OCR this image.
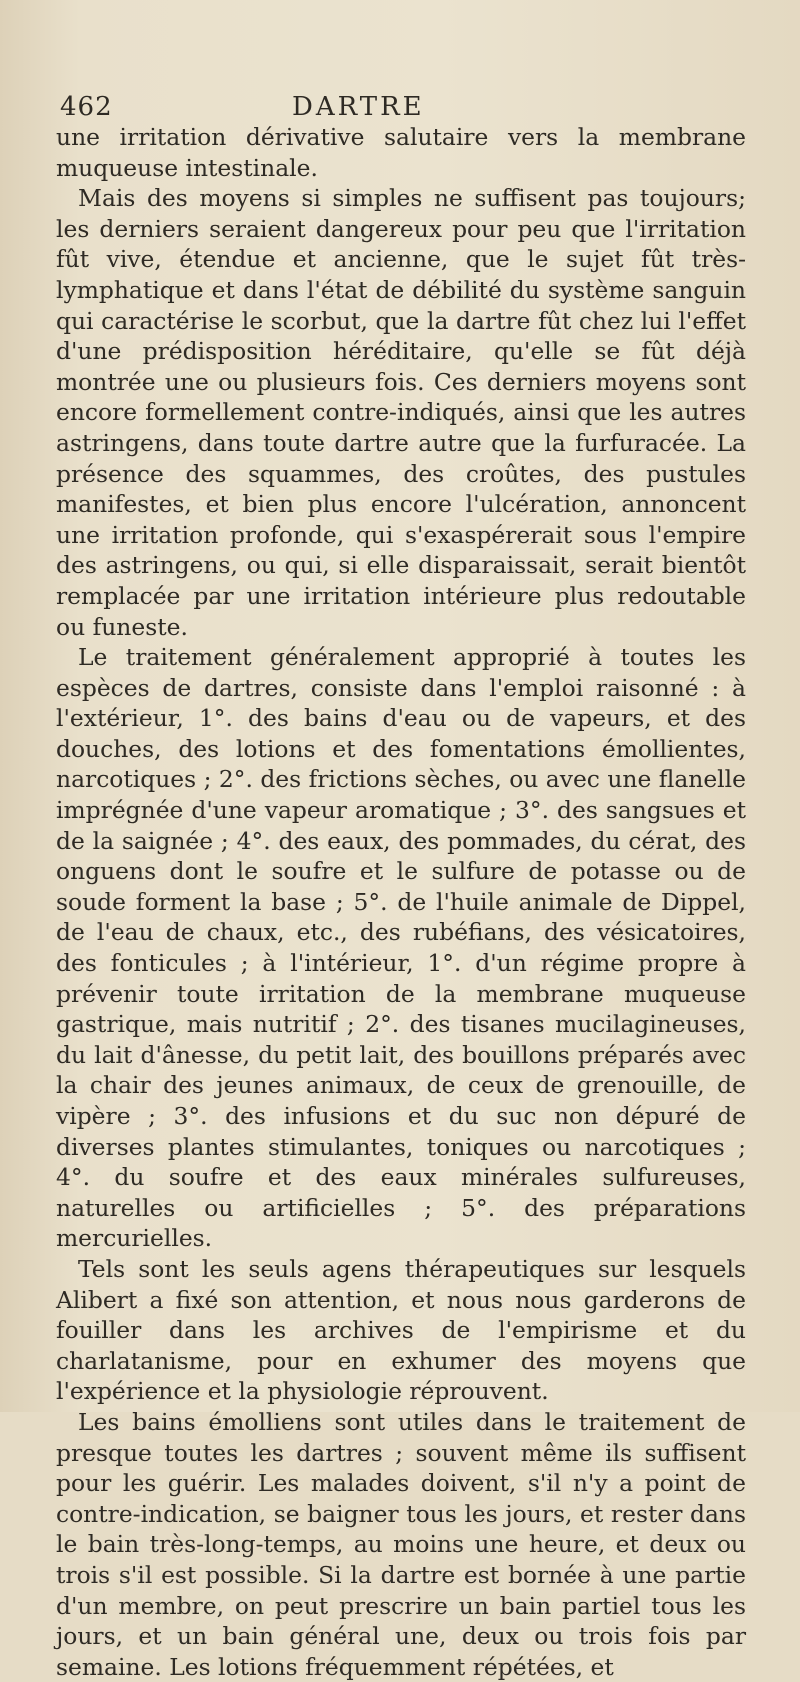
462	DARTRE

une irritation dérivative salutaire vers la membrane muqueuse intestinale.

Mais des moyens si simples ne suffisent pas toujours; les derniers seraient dangereux pour peu que l'irritation fût vive, étendue et ancienne, que le sujet fût très-lymphatique et dans l'état de débilité du système sanguin qui caractérise le scorbut, que la dartre fût chez lui l'effet d'une prédisposition héréditaire, qu'elle se fût déjà montrée une ou plusieurs fois. Ces derniers moyens sont encore formellement contre-indiqués, ainsi que les autres astringens, dans toute dartre autre que la furfuracée. La présence des squammes, des croûtes, des pustules manifestes, et bien plus encore l'ulcération, annoncent une irritation profonde, qui s'exaspérerait sous l'empire des astringens, ou qui, si elle disparaissait, serait bientôt remplacée par une irritation intérieure plus redoutable ou funeste.

Le traitement généralement approprié à toutes les espèces de dartres, consiste dans l'emploi raisonné : à l'extérieur, 1°. des bains d'eau ou de vapeurs, et des douches, des lotions et des fomentations émollientes, narcotiques ; 2°. des frictions sèches, ou avec une flanelle imprégnée d'une vapeur aromatique ; 3°. des sangsues et de la saignée ; 4°. des eaux, des pommades, du cérat, des onguens dont le soufre et le sulfure de potasse ou de soude forment la base ; 5°. de l'huile animale de Dippel, de l'eau de chaux, etc., des rubéfians, des vésicatoires, des fonticules ; à l'intérieur, 1°. d'un régime propre à prévenir toute irritation de la membrane muqueuse gastrique, mais nutritif ; 2°. des tisanes mucilagineuses, du lait d'ânesse, du petit lait, des bouillons préparés avec la chair des jeunes animaux, de ceux de grenouille, de vipère ; 3°. des infusions et du suc non dépuré de diverses plantes stimulantes, toniques ou narcotiques ; 4°. du soufre et des eaux minérales sulfureuses, naturelles ou artificielles ; 5°. des préparations mercurielles.

Tels sont les seuls agens thérapeutiques sur lesquels Alibert a fixé son attention, et nous nous garderons de fouiller dans les archives de l'empirisme et du charlatanisme, pour en exhumer des moyens que l'expérience et la physiologie réprouvent.

Les bains émolliens sont utiles dans le traitement de presque toutes les dartres ; souvent même ils suffisent pour les guérir. Les malades doivent, s'il n'y a point de contre-indication, se baigner tous les jours, et rester dans le bain très-long-temps, au moins une heure, et deux ou trois s'il est possible. Si la dartre est bornée à une partie d'un membre, on peut prescrire un bain partiel tous les jours, et un bain général une, deux ou trois fois par semaine. Les lotions fréquemment répétées, et
